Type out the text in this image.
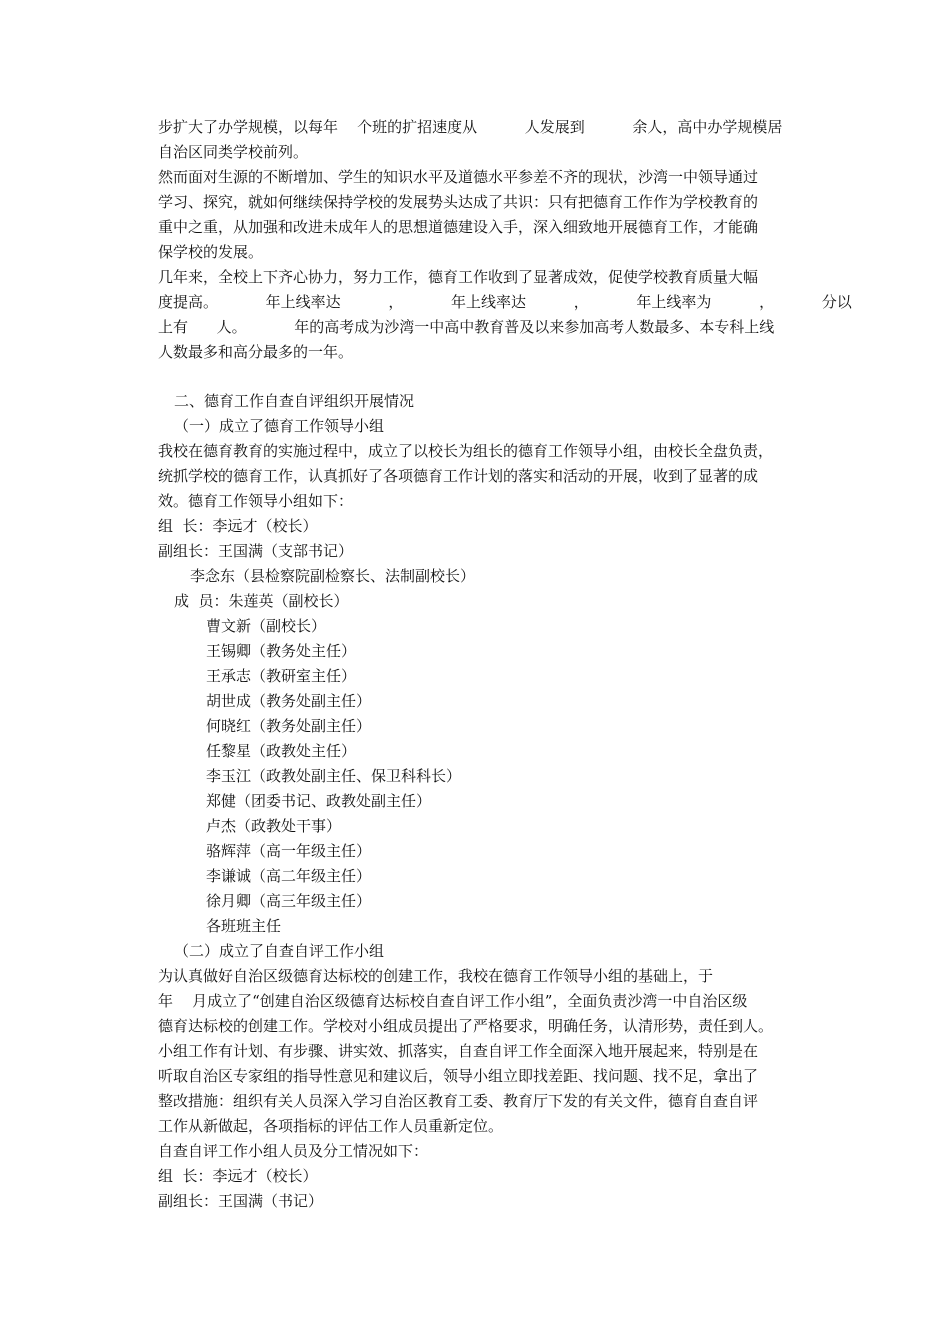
步扩大了办学规模，以每年    个班的扩招速度从          人发展到          余人，高中办学规模居
自治区同类学校前列。
然而面对生源的不断增加、学生的知识水平及道德水平参差不齐的现状，沙湾一中领导通过
学习、探究，就如何继续保持学校的发展势头达成了共识：只有把德育工作作为学校教育的
重中之重，从加强和改进未成年人的思想道德建设入手，深入细致地开展德育工作，才能确
保学校的发展。
几年来，全校上下齐心协力，努力工作，德育工作收到了显著成效，促使学校教育质量大幅
度提高。          年上线率达          ，          年上线率达          ，          年上线率为          ，          分以
上有      人。          年的高考成为沙湾一中高中教育普及以来参加高考人数最多、本专科上线
人数最多和高分最多的一年。
二、德育工作自查自评组织开展情况
（一）成立了德育工作领导小组
我校在德育教育的实施过程中，成立了以校长为组长的德育工作领导小组，由校长全盘负责，
统抓学校的德育工作，认真抓好了各项德育工作计划的落实和活动的开展，收到了显著的成
效。德育工作领导小组如下：
组  长：李远才（校长）
副组长：王国满（支部书记）
李念东（县检察院副检察长、法制副校长）
成  员：朱莲英（副校长）
曹文新（副校长）
王锡卿（教务处主任）
王承志（教研室主任）
胡世成（教务处副主任）
何晓红（教务处副主任）
任黎星（政教处主任）
李玉江（政教处副主任、保卫科科长）
郑健（团委书记、政教处副主任）
卢杰（政教处干事）
骆辉萍（高一年级主任）
李谦诚（高二年级主任）
徐月卿（高三年级主任）
各班班主任
（二）成立了自查自评工作小组
为认真做好自治区级德育达标校的创建工作，我校在德育工作领导小组的基础上，于
年    月成立了“创建自治区级德育达标校自查自评工作小组”，全面负责沙湾一中自治区级
德育达标校的创建工作。学校对小组成员提出了严格要求，明确任务，认清形势，责任到人。
小组工作有计划、有步骤、讲实效、抓落实，自查自评工作全面深入地开展起来，特别是在
听取自治区专家组的指导性意见和建议后，领导小组立即找差距、找问题、找不足，拿出了
整改措施：组织有关人员深入学习自治区教育工委、教育厅下发的有关文件，德育自查自评
工作从新做起，各项指标的评估工作人员重新定位。
自查自评工作小组人员及分工情况如下：
组  长：李远才（校长）
副组长：王国满（书记）
